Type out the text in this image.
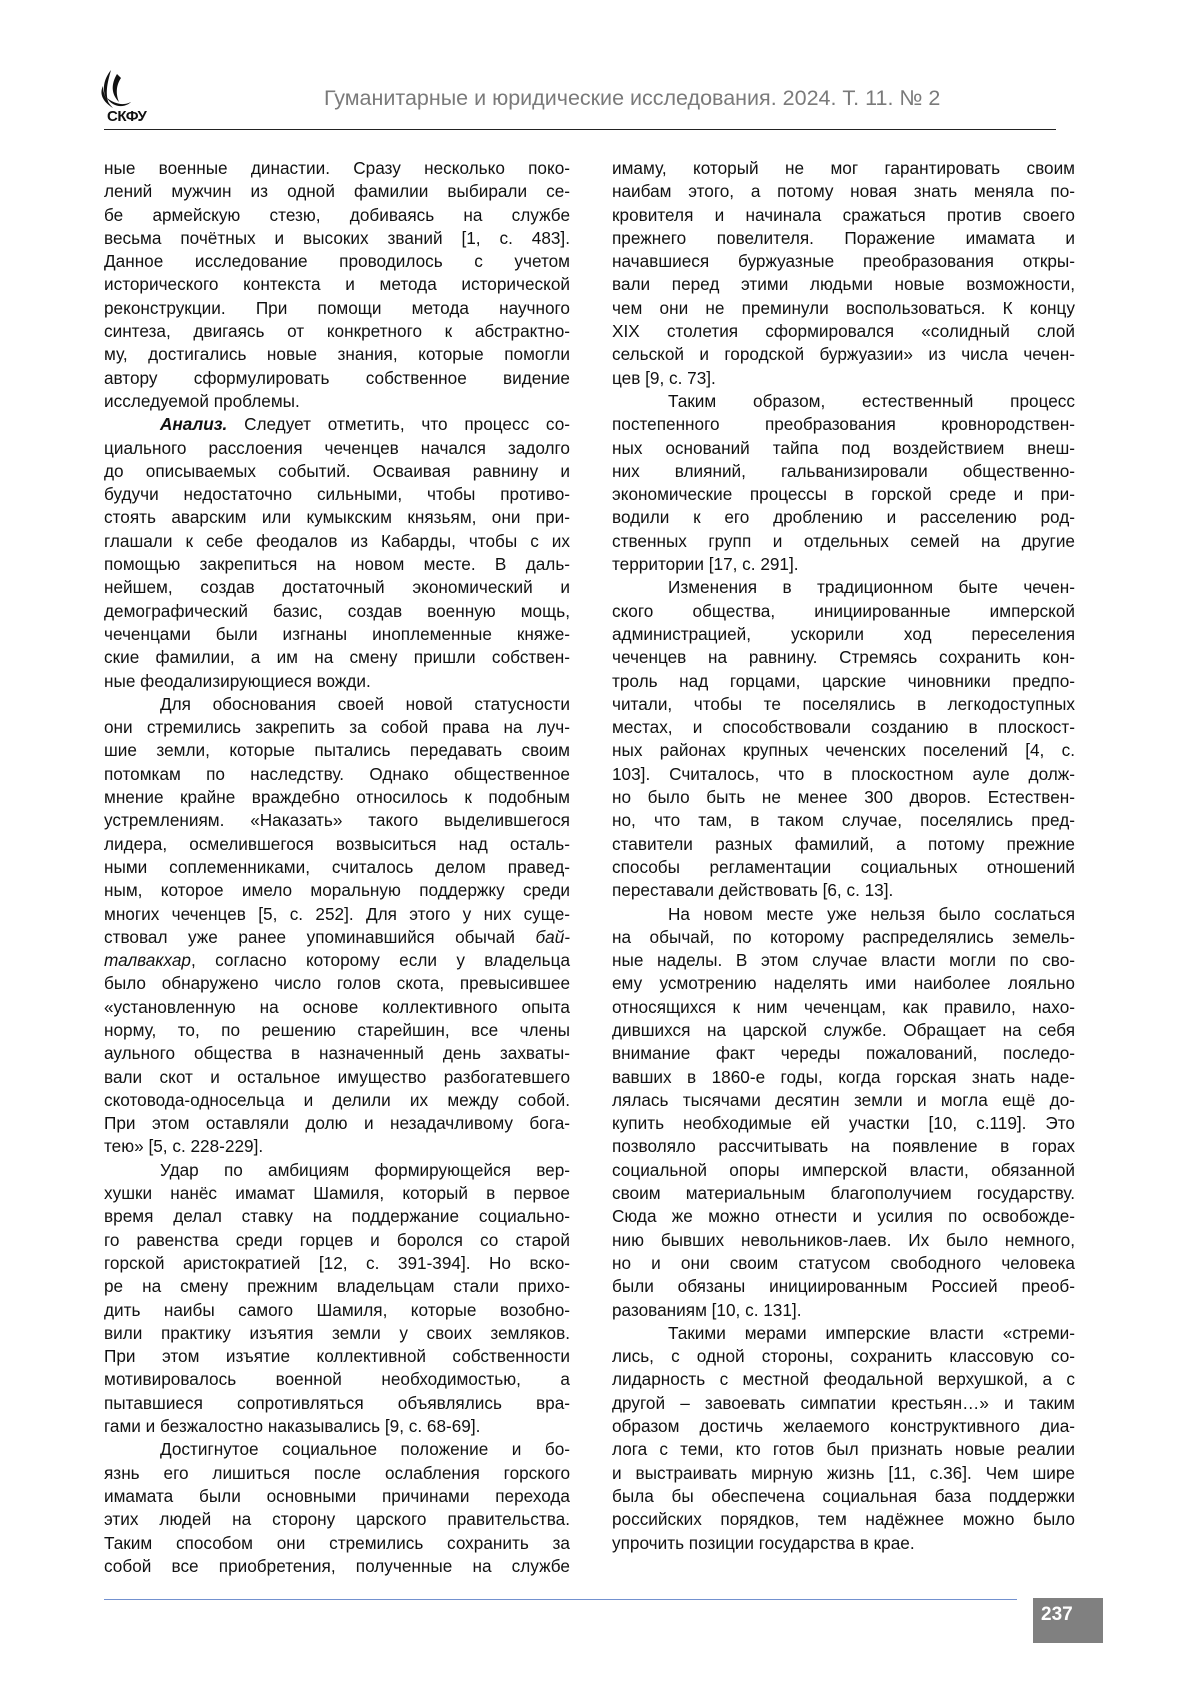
СКФУ
Гуманитарные и юридические исследования. 2024. Т. 11. № 2
ные военные династии. Сразу несколько поко-
лений мужчин из одной фамилии выбирали се-
бе армейскую стезю, добиваясь на службе
весьма почётных и высоких званий [1, с. 483].
Данное исследование проводилось с учетом
исторического контекста и метода исторической
реконструкции. При помощи метода научного
синтеза, двигаясь от конкретного к абстрактно-
му, достигались новые знания, которые помогли
автору сформулировать собственное видение
исследуемой проблемы.
Анализ. Следует отметить, что процесс со-
циального расслоения чеченцев начался задолго
до описываемых событий. Осваивая равнину и
будучи недостаточно сильными, чтобы противо-
стоять аварским или кумыкским князьям, они при-
глашали к себе феодалов из Кабарды, чтобы с их
помощью закрепиться на новом месте. В даль-
нейшем, создав достаточный экономический и
демографический базис, создав военную мощь,
чеченцами были изгнаны иноплеменные княже-
ские фамилии, а им на смену пришли собствен-
ные феодализирующиеся вожди.
Для обоснования своей новой статусности
они стремились закрепить за собой права на луч-
шие земли, которые пытались передавать своим
потомкам по наследству. Однако общественное
мнение крайне враждебно относилось к подобным
устремлениям. «Наказать» такого выделившегося
лидера, осмелившегося возвыситься над осталь-
ными соплеменниками, считалось делом правед-
ным, которое имело моральную поддержку среди
многих чеченцев [5, с. 252]. Для этого у них суще-
ствовал уже ранее упоминавшийся обычай бай-
талвакхар, согласно которому если у владельца
было обнаружено число голов скота, превысившее
«установленную на основе коллективного опыта
норму, то, по решению старейшин, все члены
аульного общества в назначенный день захваты-
вали скот и остальное имущество разбогатевшего
скотовода-односельца и делили их между собой.
При этом оставляли долю и незадачливому бога-
тею» [5, с. 228-229].
Удар по амбициям формирующейся вер-
хушки нанёс имамат Шамиля, который в первое
время делал ставку на поддержание социально-
го равенства среди горцев и боролся со старой
горской аристократией [12, с. 391-394]. Но вско-
ре на смену прежним владельцам стали прихо-
дить наибы самого Шамиля, которые возобно-
вили практику изъятия земли у своих земляков.
При этом изъятие коллективной собственности
мотивировалось военной необходимостью, а
пытавшиеся сопротивляться объявлялись вра-
гами и безжалостно наказывались [9, с. 68-69].
Достигнутое социальное положение и бо-
язнь его лишиться после ослабления горского
имамата были основными причинами перехода
этих людей на сторону царского правительства.
Таким способом они стремились сохранить за
собой все приобретения, полученные на службе
имаму, который не мог гарантировать своим
наибам этого, а потому новая знать меняла по-
кровителя и начинала сражаться против своего
прежнего повелителя. Поражение имамата и
начавшиеся буржуазные преобразования откры-
вали перед этими людьми новые возможности,
чем они не преминули воспользоваться. К концу
XIX столетия сформировался «солидный слой
сельской и городской буржуазии» из числа чечен-
цев [9, с. 73].
Таким образом, естественный процесс
постепенного преобразования кровнородствен-
ных оснований тайпа под воздействием внеш-
них влияний, гальванизировали общественно-
экономические процессы в горской среде и при-
водили к его дроблению и расселению род-
ственных групп и отдельных семей на другие
территории [17, с. 291].
Изменения в традиционном быте чечен-
ского общества, инициированные имперской
администрацией, ускорили ход переселения
чеченцев на равнину. Стремясь сохранить кон-
троль над горцами, царские чиновники предпо-
читали, чтобы те поселялись в легкодоступных
местах, и способствовали созданию в плоскост-
ных районах крупных чеченских поселений [4, с.
103]. Считалось, что в плоскостном ауле долж-
но было быть не менее 300 дворов. Естествен-
но, что там, в таком случае, поселялись пред-
ставители разных фамилий, а потому прежние
способы регламентации социальных отношений
переставали действовать [6, с. 13].
На новом месте уже нельзя было сослаться
на обычай, по которому распределялись земель-
ные наделы. В этом случае власти могли по сво-
ему усмотрению наделять ими наиболее лояльно
относящихся к ним чеченцам, как правило, нахо-
дившихся на царской службе. Обращает на себя
внимание факт череды пожалований, последо-
вавших в 1860-е годы, когда горская знать наде-
лялась тысячами десятин земли и могла ещё до-
купить необходимые ей участки [10, с.119]. Это
позволяло рассчитывать на появление в горах
социальной опоры имперской власти, обязанной
своим материальным благополучием государству.
Сюда же можно отнести и усилия по освобожде-
нию бывших невольников-лаев. Их было немного,
но и они своим статусом свободного человека
были обязаны инициированным Россией преоб-
разованиям [10, с. 131].
Такими мерами имперские власти «стреми-
лись, с одной стороны, сохранить классовую со-
лидарность с местной феодальной верхушкой, а с
другой – завоевать симпатии крестьян…» и таким
образом достичь желаемого конструктивного диа-
лога с теми, кто готов был признать новые реалии
и выстраивать мирную жизнь [11, с.36]. Чем шире
была бы обеспечена социальная база поддержки
российских порядков, тем надёжнее можно было
упрочить позиции государства в крае.
237
